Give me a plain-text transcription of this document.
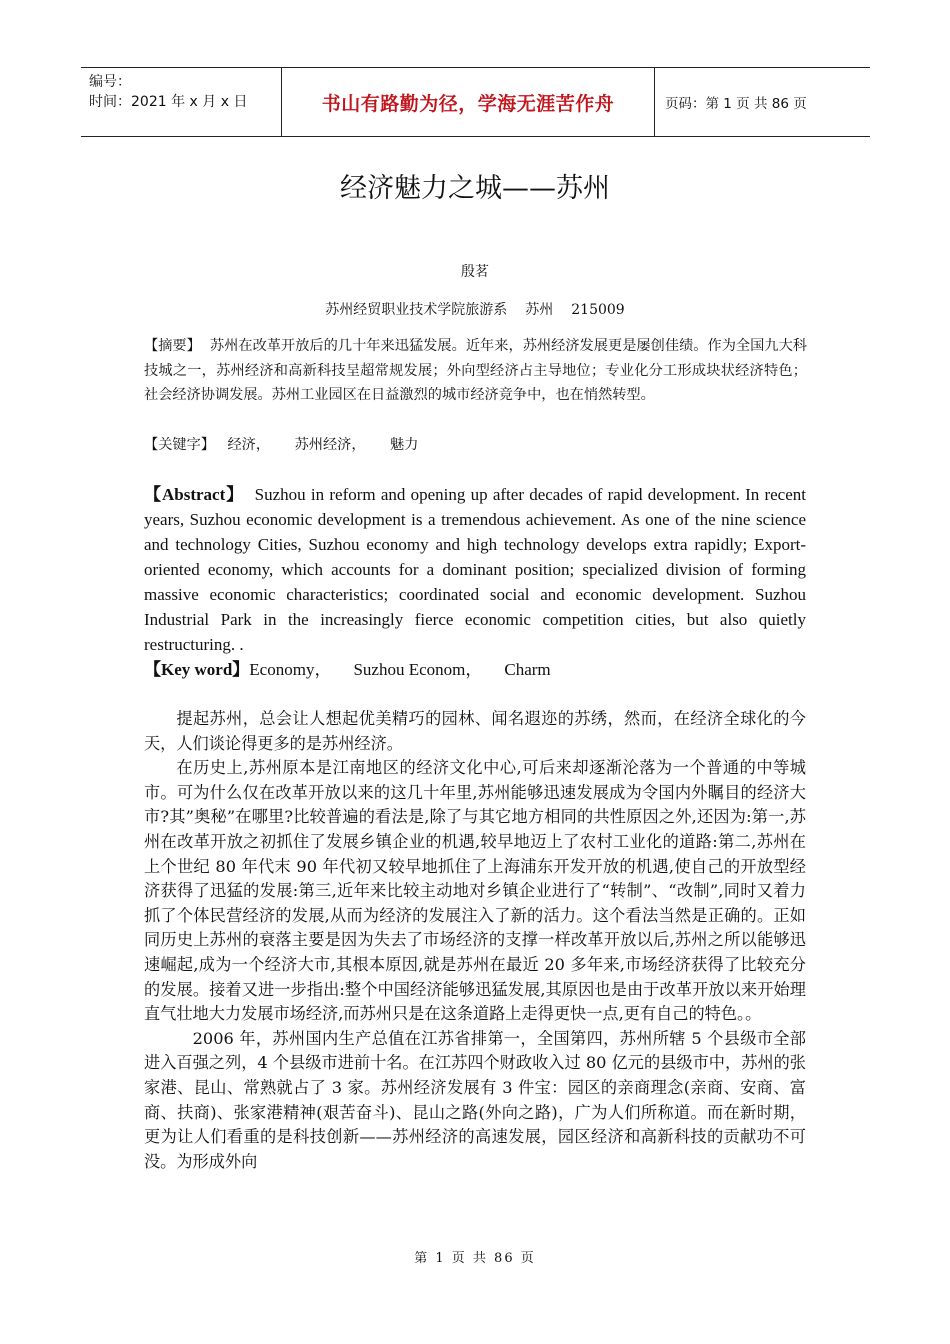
编号：
时间：2021 年 x 月 x 日	书山有路勤为径，学海无涯苦作舟	页码：第 1 页 共 86 页
经济魅力之城——苏州
殷茗
苏州经贸职业技术学院旅游系 苏州 215009
【摘要】 苏州在改革开放后的几十年来迅猛发展。近年来，苏州经济发展更是屡创佳绩。作为全国九大科技城之一，苏州经济和高新科技呈超常规发展；外向型经济占主导地位；专业化分工形成块状经济特色；社会经济协调发展。苏州工业园区在日益激烈的城市经济竞争中，也在悄然转型。
【关键字】 经济， 苏州经济， 魅力
【Abstract】 Suzhou in reform and opening up after decades of rapid development. In recent years, Suzhou economic development is a tremendous achievement. As one of the nine science and technology Cities, Suzhou economy and high technology develops extra rapidly; Export-oriented economy, which accounts for a dominant position; specialized division of forming massive economic characteristics; coordinated social and economic development. Suzhou Industrial Park in the increasingly fierce economic competition cities, but also quietly restructuring. .
【Key word】Economy， Suzhou Econom， Charm

提起苏州，总会让人想起优美精巧的园林、闻名遐迩的苏绣，然而，在经济全球化的今天，人们谈论得更多的是苏州经济。

在历史上,苏州原本是江南地区的经济文化中心,可后来却逐渐沦落为一个普通的中等城市。可为什么仅在改革开放以来的这几十年里,苏州能够迅速发展成为令国内外瞩目的经济大市?其”奥秘”在哪里?比较普遍的看法是,除了与其它地方相同的共性原因之外,还因为:第一,苏州在改革开放之初抓住了发展乡镇企业的机遇,较早地迈上了农村工业化的道路:第二,苏州在上个世纪 80 年代末 90 年代初又较早地抓住了上海浦东开发开放的机遇,使自己的开放型经济获得了迅猛的发展:第三,近年来比较主动地对乡镇企业进行了“转制”、“改制”,同时又着力抓了个体民营经济的发展,从而为经济的发展注入了新的活力。这个看法当然是正确的。正如同历史上苏州的衰落主要是因为失去了市场经济的支撑一样改革开放以后,苏州之所以能够迅速崛起,成为一个经济大市,其根本原因,就是苏州在最近 20 多年来,市场经济获得了比较充分的发展。接着又进一步指出:整个中国经济能够迅猛发展,其原因也是由于改革开放以来开始理直气壮地大力发展市场经济,而苏州只是在这条道路上走得更快一点,更有自己的特色。。

2006 年，苏州国内生产总值在江苏省排第一，全国第四，苏州所辖 5 个县级市全部进入百强之列，4 个县级市进前十名。在江苏四个财政收入过 80 亿元的县级市中，苏州的张家港、昆山、常熟就占了 3 家。苏州经济发展有 3 件宝：园区的亲商理念(亲商、安商、富商、扶商)、张家港精神(艰苦奋斗)、昆山之路(外向之路)，广为人们所称道。而在新时期，更为让人们看重的是科技创新——苏州经济的高速发展，园区经济和高新科技的贡献功不可没。为形成外向

第 1 页 共 86 页
